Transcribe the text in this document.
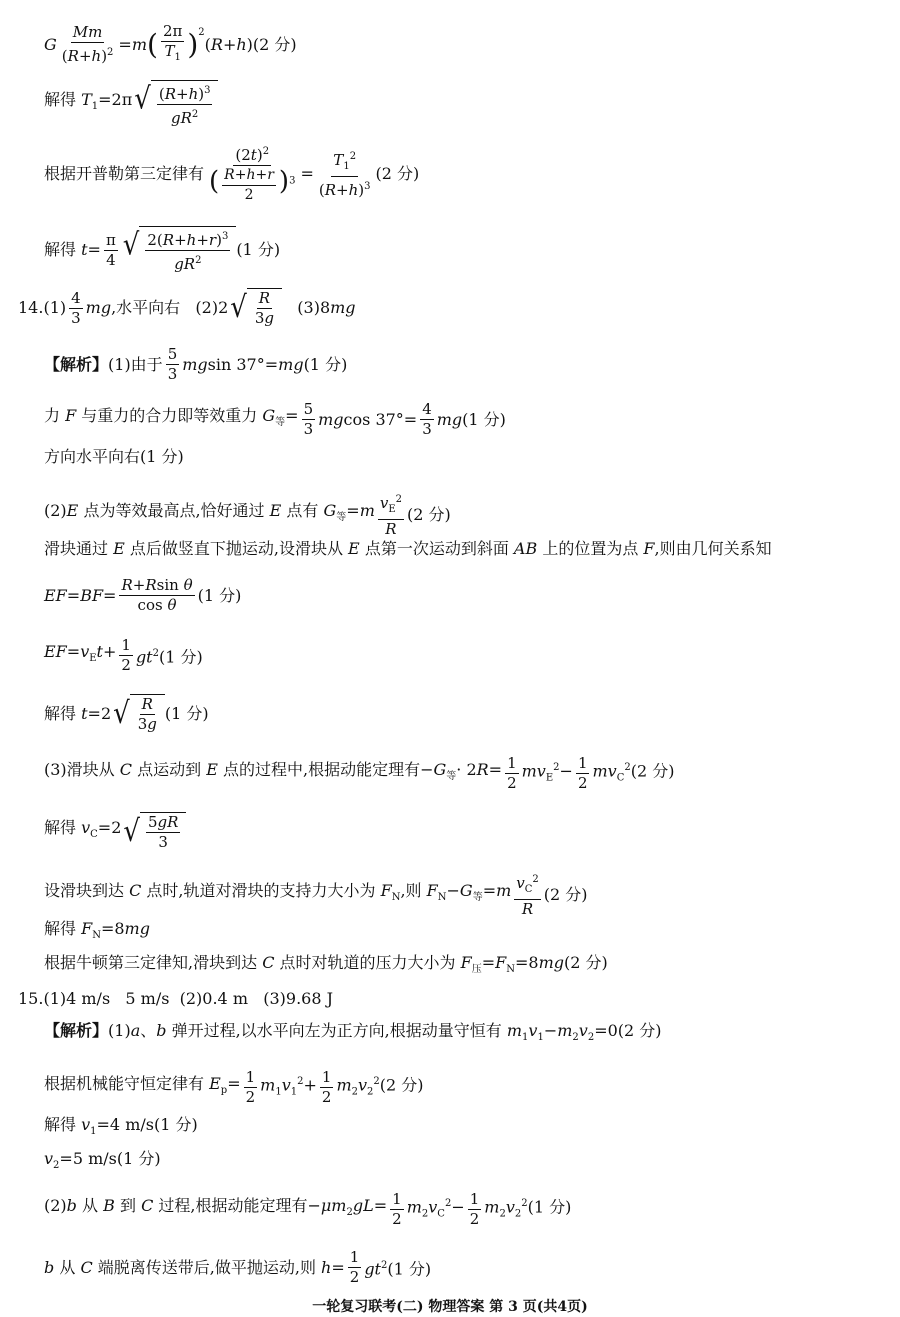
G $\frac{Mm}{(R+h)^2} =m$ ( $\frac{2\pi}{T_1} )^2$
(R+h)(2 分)
解得 $T_1=2\pi$ √ $\frac{(R+h)^3}{gR^2}$
根据开普勒第三定律有 $\frac{(2t)^2}{( \frac{R+h+r}{2} )^3} = \frac{T_1^2}{(R+h)^3} (2$ 分)
解得 $t= \frac{\pi}{4}$ √ $\frac{2(R+h+r)^3}{gR^2} (1$ 分)
$14.(1) \frac{4}{3}$ mg ,水平向右   (2)2 √ $\frac{R}{3g} (3)8mg$
【解析】(1)由于 $\frac{5}{3}$ mgsin 37°=mg(1 分)
力 F 与重力的合力即等效重力 $G_等= \frac{5}{3}$ mgcos $37^\circ= \frac{4}{3} mg(1$ 分)
方向水平向右(1 分)
(2)E 点为等效最高点,恰好通过 E 点有 $G_等=m \frac{v_E^2}{R} (2$ 分)
滑块通过 E 点后做竖直下抛运动,设滑块从 E 点第一次运动到斜面 AB 上的位置为点 F,则由几何关系知
$EF=BF= \frac{\text{R+Rsin θ}}{\text{cos θ}} (1$ 分)
$EF=v_Et+ \frac{1}{2} gt^2(1$ 分)
解得 t=2 √ $\frac{R}{3g} (1$ 分)
(3)滑块从 C 点运动到 E 点的过程中,根据动能定理有$-G_等\cdot 2R= \frac{1}{2} mv_E^2- \frac{1}{2} mv_C^2(2$ 分)
解得 $v_C=2$ √ $\frac{5gR}{3}$
设滑块到达 C 点时,轨道对滑块的支持力大小为 $F_N$,则 $F_N-G_等=m \frac{v_C^2}{R} (2$ 分)
解得 $F_N=8mg$
根据牛顿第三定律知,滑块到达 C 点时对轨道的压力大小为 $F_压=F_N=8mg(2$ 分)
15.(1)4 m/s   5 m/s  (2)0.4 m   (3)9.68 J
【解析】(1)a、b 弹开过程,以水平向左为正方向,根据动量守恒有 $m_1v_1-m_2v_2=0(2$ 分)
根据机械能守恒定律有 $E_p= \frac{1}{2} m_1v_1^2+ \frac{1}{2} m_2v_2^2(2$ 分)
解得 $v_1=4$ m/s(1 分)
$v_2=5$ m/s(1 分)
(2)b 从 B 到 C 过程,根据动能定理有$-\mu m_2gL= \frac{1}{2} m_2v_C^2- \frac{1}{2} m_2v_2^2(1$ 分)
b 从 C 端脱离传送带后,做平抛运动,则 $h= \frac{1}{2} gt^2(1$ 分)
一轮复习联考(二) 物理答案 第 3 页(共4页)
